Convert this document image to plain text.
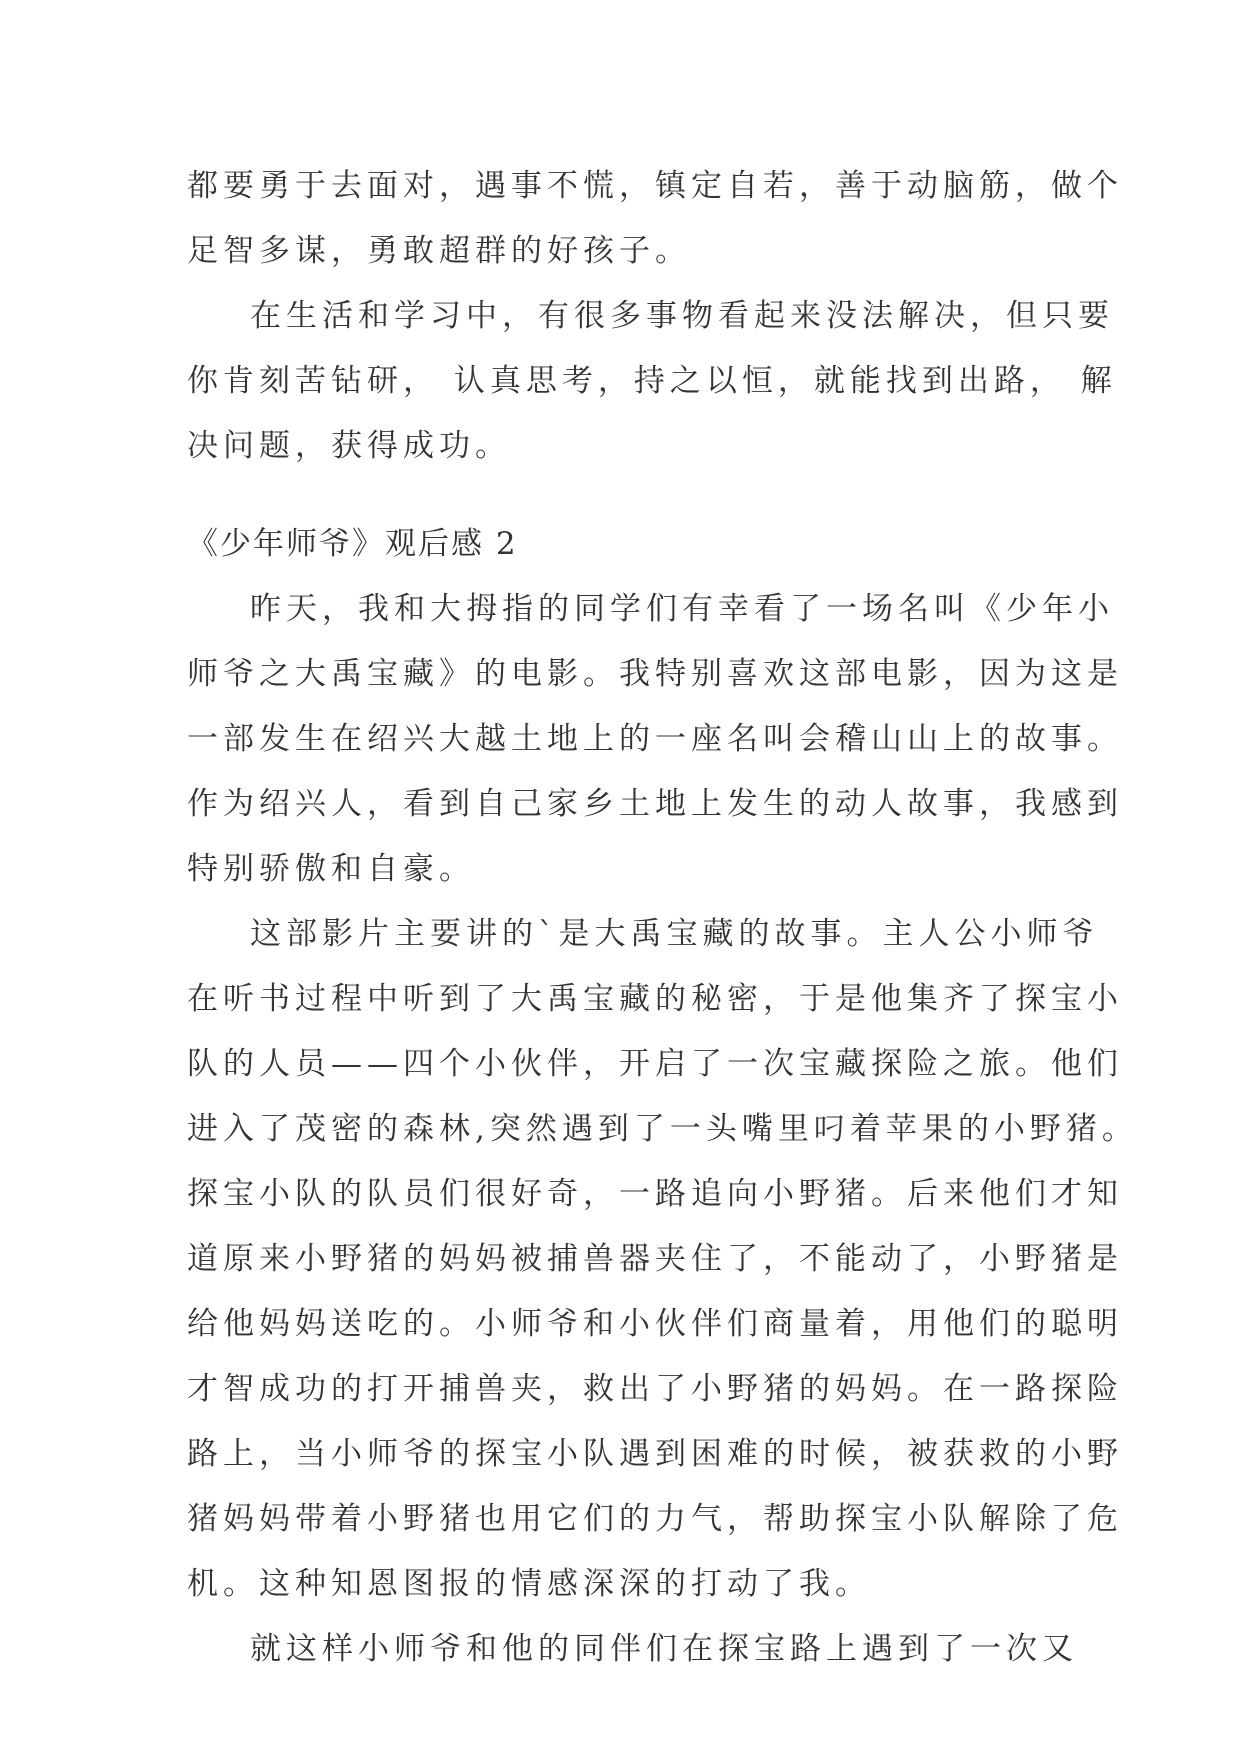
都要勇于去面对，遇事不慌，镇定自若，善于动脑筋，做个
足智多谋，勇敢超群的好孩子。
在生活和学习中，有很多事物看起来没法解决，但只要
你肯刻苦钻研， 认真思考，持之以恒，就能找到出路， 解
决问题，获得成功。
《少年师爷》观后感 2
昨天，我和大拇指的同学们有幸看了一场名叫《少年小
师爷之大禹宝藏》的电影。我特别喜欢这部电影，因为这是
一部发生在绍兴大越土地上的一座名叫会稽山山上的故事。
作为绍兴人，看到自己家乡土地上发生的动人故事，我感到
特别骄傲和自豪。
这部影片主要讲的`是大禹宝藏的故事。主人公小师爷
在听书过程中听到了大禹宝藏的秘密，于是他集齐了探宝小
队的人员——四个小伙伴，开启了一次宝藏探险之旅。他们
进入了茂密的森林,突然遇到了一头嘴里叼着苹果的小野猪。
探宝小队的队员们很好奇，一路追向小野猪。后来他们才知
道原来小野猪的妈妈被捕兽器夹住了，不能动了，小野猪是
给他妈妈送吃的。小师爷和小伙伴们商量着，用他们的聪明
才智成功的打开捕兽夹，救出了小野猪的妈妈。在一路探险
路上，当小师爷的探宝小队遇到困难的时候，被获救的小野
猪妈妈带着小野猪也用它们的力气，帮助探宝小队解除了危
机。这种知恩图报的情感深深的打动了我。
就这样小师爷和他的同伴们在探宝路上遇到了一次又
